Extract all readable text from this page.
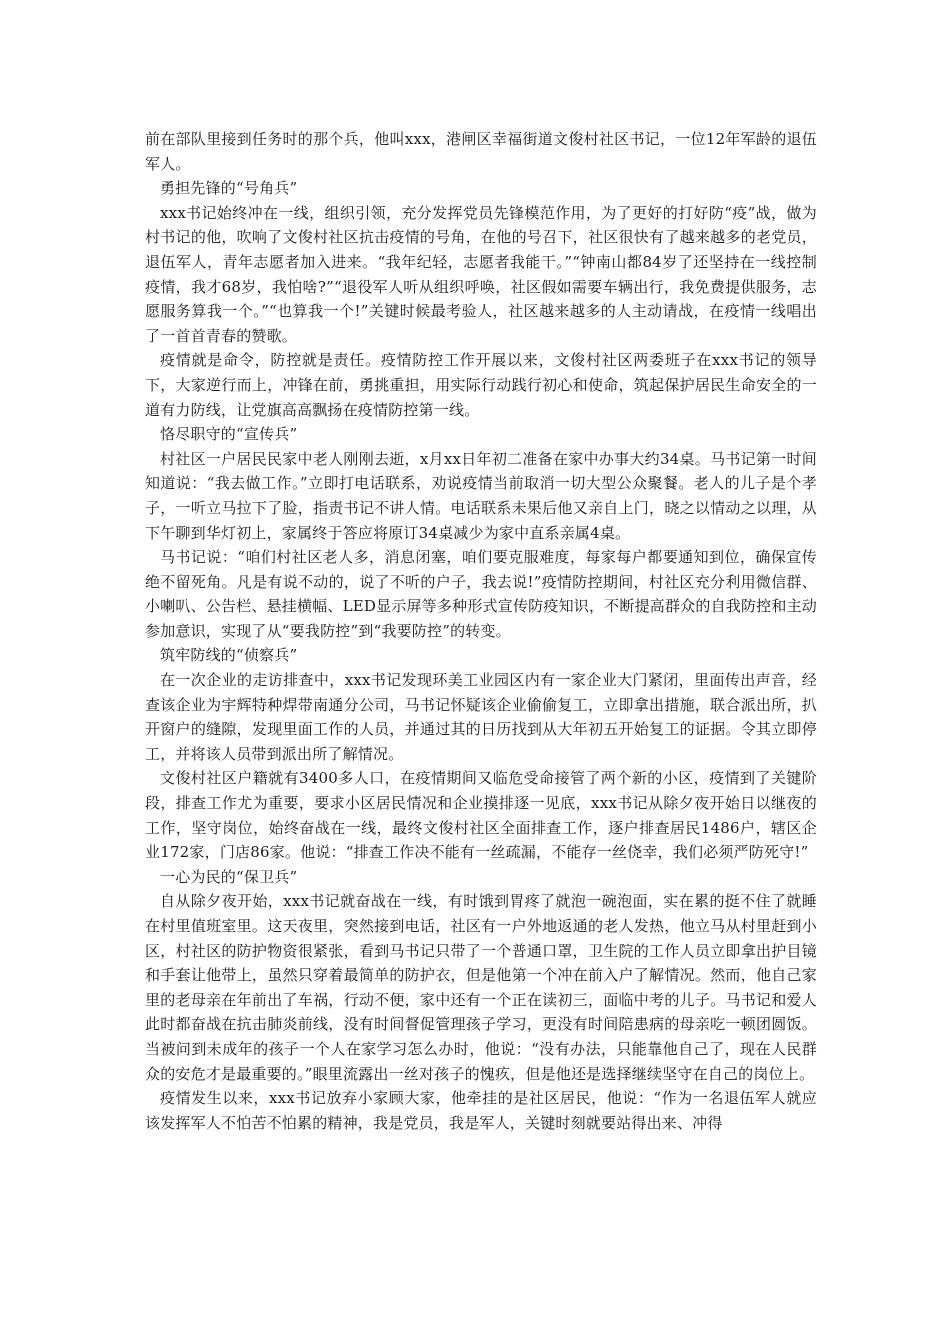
前在部队里接到任务时的那个兵，他叫xxx，港闸区幸福街道文俊村社区书记，一位12年军龄的退伍军人。

勇担先锋的“号角兵”

xxx书记始终冲在一线，组织引领，充分发挥党员先锋模范作用，为了更好的打好防“疫”战，做为村书记的他，吹响了文俊村社区抗击疫情的号角，在他的号召下，社区很快有了越来越多的老党员，退伍军人，青年志愿者加入进来。“我年纪轻，志愿者我能干。”“钟南山都84岁了还坚持在一线控制疫情，我才68岁，我怕啥?”“退役军人听从组织呼唤，社区假如需要车辆出行，我免费提供服务，志愿服务算我一个。”“也算我一个!”关键时候最考验人，社区越来越多的人主动请战，在疫情一线唱出了一首首青春的赞歌。

疫情就是命令，防控就是责任。疫情防控工作开展以来，文俊村社区两委班子在xxx书记的领导下，大家逆行而上，冲锋在前，勇挑重担，用实际行动践行初心和使命，筑起保护居民生命安全的一道有力防线，让党旗高高飘扬在疫情防控第一线。

恪尽职守的“宣传兵”

村社区一户居民民家中老人刚刚去逝，x月xx日年初二准备在家中办事大约34桌。马书记第一时间知道说：“我去做工作。”立即打电话联系，劝说疫情当前取消一切大型公众聚餐。老人的儿子是个孝子，一听立马拉下了脸，指责书记不讲人情。电话联系未果后他又亲自上门，晓之以情动之以理，从下午聊到华灯初上，家属终于答应将原订34桌减少为家中直系亲属4桌。

马书记说：“咱们村社区老人多，消息闭塞，咱们要克服难度，每家每户都要通知到位，确保宣传绝不留死角。凡是有说不动的，说了不听的户子，我去说!”疫情防控期间，村社区充分利用微信群、小喇叭、公告栏、悬挂横幅、LED显示屏等多种形式宣传防疫知识，不断提高群众的自我防控和主动参加意识，实现了从“要我防控”到“我要防控”的转变。

筑牢防线的“侦察兵”

在一次企业的走访排查中，xxx书记发现环美工业园区内有一家企业大门紧闭，里面传出声音，经查该企业为宇辉特种焊带南通分公司，马书记怀疑该企业偷偷复工，立即拿出措施，联合派出所，扒开窗户的缝隙，发现里面工作的人员，并通过其的日历找到从大年初五开始复工的证据。令其立即停工，并将该人员带到派出所了解情况。

文俊村社区户籍就有3400多人口，在疫情期间又临危受命接管了两个新的小区，疫情到了关键阶段，排查工作尤为重要，要求小区居民情况和企业摸排逐一见底，xxx书记从除夕夜开始日以继夜的工作，坚守岗位，始终奋战在一线，最终文俊村社区全面排查工作，逐户排查居民1486户，辖区企业172家，门店86家。他说：“排查工作决不能有一丝疏漏，不能存一丝侥幸，我们必须严防死守!”

一心为民的“保卫兵”

自从除夕夜开始，xxx书记就奋战在一线，有时饿到胃疼了就泡一碗泡面，实在累的挺不住了就睡在村里值班室里。这天夜里，突然接到电话，社区有一户外地返通的老人发热，他立马从村里赶到小区，村社区的防护物资很紧张，看到马书记只带了一个普通口罩，卫生院的工作人员立即拿出护目镜和手套让他带上，虽然只穿着最简单的防护衣，但是他第一个冲在前入户了解情况。然而，他自己家里的老母亲在年前出了车祸，行动不便，家中还有一个正在读初三，面临中考的儿子。马书记和爱人此时都奋战在抗击肺炎前线，没有时间督促管理孩子学习，更没有时间陪患病的母亲吃一顿团圆饭。当被问到未成年的孩子一个人在家学习怎么办时，他说：“没有办法，只能靠他自己了，现在人民群众的安危才是最重要的。”眼里流露出一丝对孩子的愧疚，但是他还是选择继续坚守在自己的岗位上。

疫情发生以来，xxx书记放弃小家顾大家，他牵挂的是社区居民，他说：“作为一名退伍军人就应该发挥军人不怕苦不怕累的精神，我是党员，我是军人，关键时刻就要站得出来、冲得
